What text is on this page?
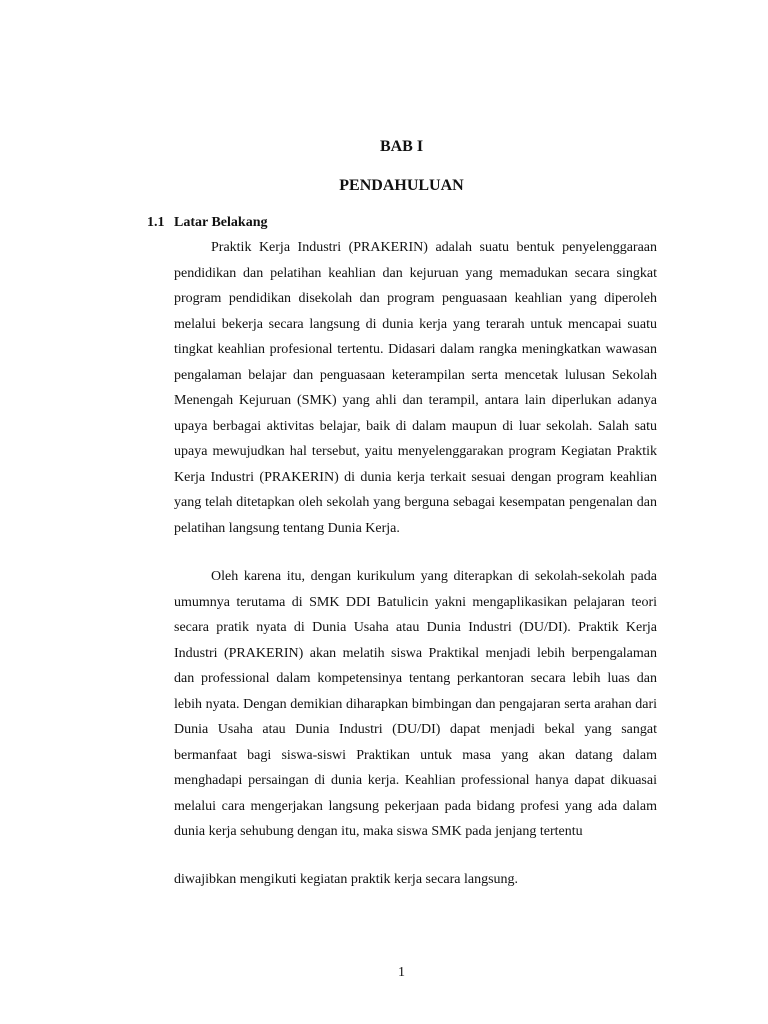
BAB I
PENDAHULUAN
1.1 Latar Belakang

Praktik Kerja Industri (PRAKERIN) adalah suatu bentuk penyelenggaraan pendidikan dan pelatihan keahlian dan kejuruan yang memadukan secara singkat program pendidikan disekolah dan program penguasaan keahlian yang diperoleh melalui bekerja secara langsung di dunia kerja yang terarah untuk mencapai suatu tingkat keahlian profesional tertentu. Didasari dalam rangka meningkatkan wawasan pengalaman belajar dan penguasaan keterampilan serta mencetak lulusan Sekolah Menengah Kejuruan (SMK) yang ahli dan terampil, antara lain diperlukan adanya upaya berbagai aktivitas belajar, baik di dalam maupun di luar sekolah. Salah satu upaya mewujudkan hal tersebut, yaitu menyelenggarakan program Kegiatan Praktik Kerja Industri (PRAKERIN) di dunia kerja terkait sesuai dengan program keahlian yang telah ditetapkan oleh sekolah yang berguna sebagai kesempatan pengenalan dan pelatihan langsung tentang Dunia Kerja.

Oleh karena itu, dengan kurikulum yang diterapkan di sekolah-sekolah pada umumnya terutama di SMK DDI Batulicin yakni mengaplikasikan pelajaran teori secara pratik nyata di Dunia Usaha atau Dunia Industri (DU/DI). Praktik Kerja Industri (PRAKERIN) akan melatih siswa Praktikal menjadi lebih berpengalaman dan professional dalam kompetensinya tentang perkantoran secara lebih luas dan lebih nyata. Dengan demikian diharapkan bimbingan dan pengajaran serta arahan dari Dunia Usaha atau Dunia Industri (DU/DI) dapat menjadi bekal yang sangat bermanfaat bagi siswa-siswi Praktikan untuk masa yang akan datang dalam menghadapi persaingan di dunia kerja. Keahlian professional hanya dapat dikuasai melalui cara mengerjakan langsung pekerjaan pada bidang profesi yang ada dalam dunia kerja sehubung dengan itu, maka siswa SMK pada jenjang tertentu

diwajibkan mengikuti kegiatan praktik kerja secara langsung.

1
